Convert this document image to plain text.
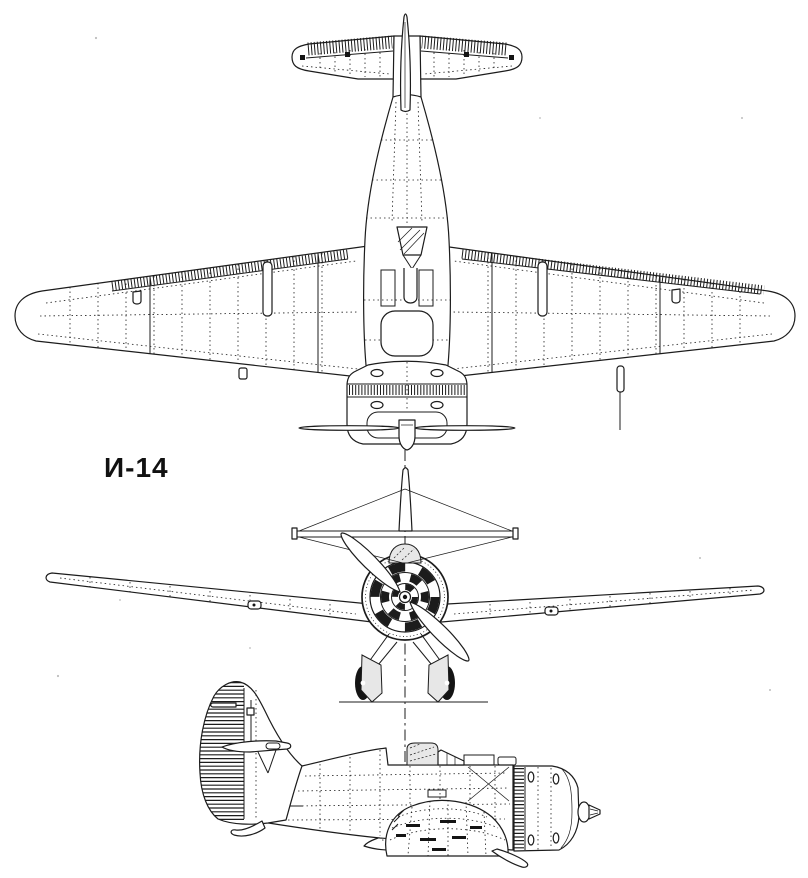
И-14
